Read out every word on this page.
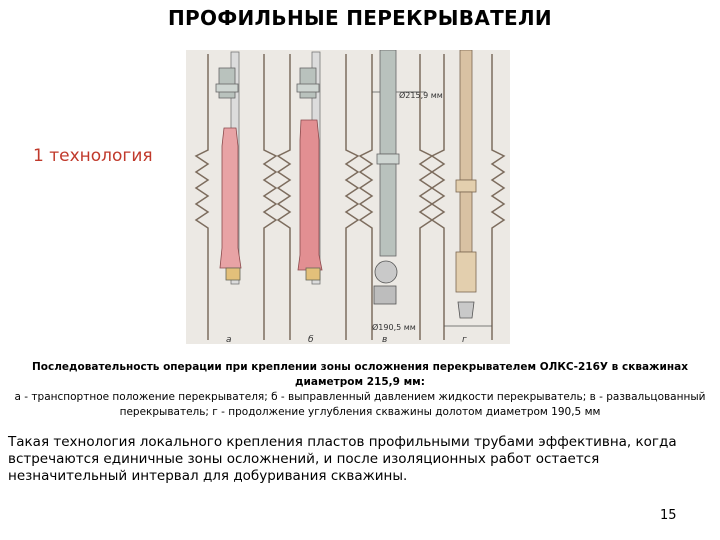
ПРОФИЛЬНЫЕ ПЕРЕКРЫВАТЕЛИ
1 технология
а	б
Ø215,9 мм
в
Ø190,5 мм
г
Последовательность операции при креплении зоны осложнения перекрывателем ОЛКС-216У в скважинах диаметром 215,9 мм:
а - транспортное положение перекрывателя; б - выправленный давлением жидкости перекрыватель; в - развальцованный перекрыватель; г - продолжение углубления скважины долотом диаметром 190,5 мм
Такая технология локального крепления пластов профильными трубами эффективна, когда встречаются единичные зоны осложнений, и после изоляционных работ остается незначительный интервал для добуривания скважины.
15
